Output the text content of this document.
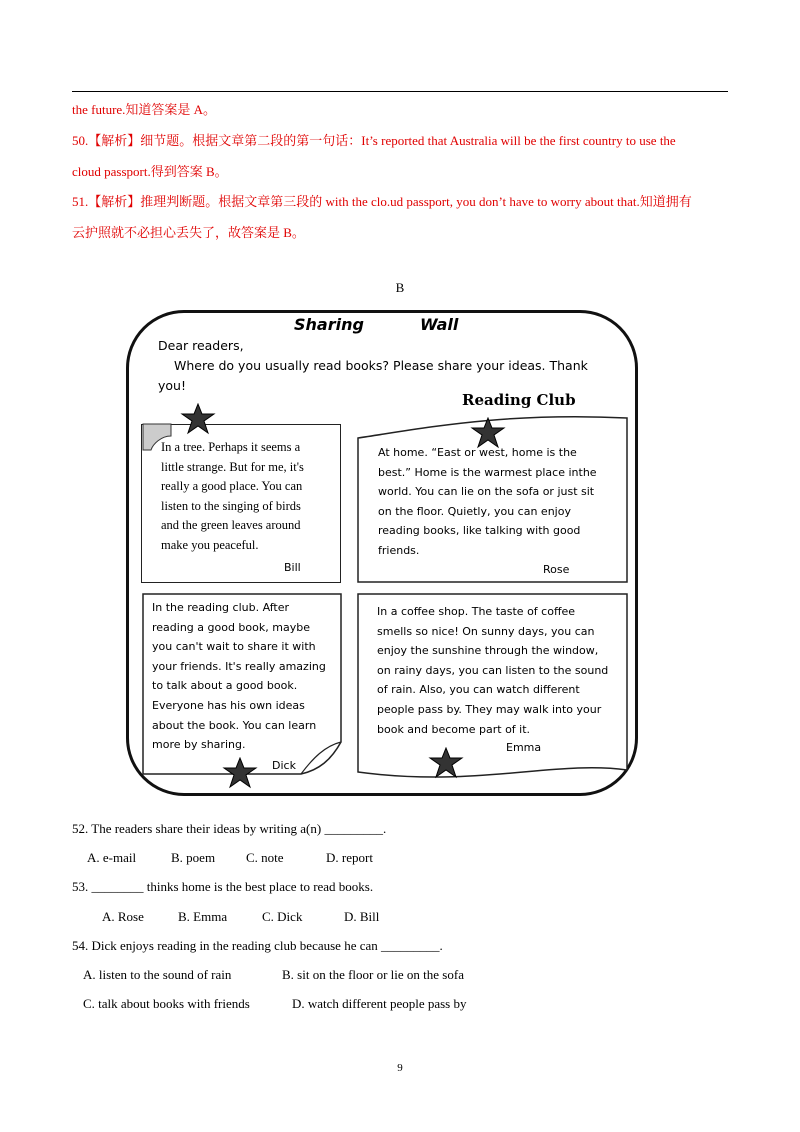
the future.知道答案是 A。
50.【解析】细节题。根据文章第二段的第一句话：It’s reported that Australia will be the first country to use the
cloud passport.得到答案 B。
51.【解析】推理判断题。根据文章第三段的 with the clo.ud passport, you don’t have to worry about that.知道拥有
云护照就不必担心丢失了，故答案是 B。
B
Sharing	Wall
Dear readers,
Where do you usually read books? Please share your ideas. Thank
you!
Reading Club
In a tree. Perhaps it seems a
little strange. But for me, it's
really a good place. You can
listen to the singing of birds
and the green leaves around
make you peaceful.
Bill
At home. “East or west, home is the
best.” Home is the warmest place inthe
world. You can lie on the sofa or just sit
on the floor. Quietly, you can enjoy
reading books, like talking with good
friends.
Rose
In the reading club. After
reading a good book, maybe
you can't wait to share it with
your friends. It's really amazing
to talk about a good book.
Everyone has his own ideas
about the book. You can learn
more by sharing.
Dick
In a coffee shop. The taste of coffee
smells so nice! On sunny days, you can
enjoy the sunshine through the window,
on rainy days, you can listen to the sound
of rain. Also, you can watch different
people pass by. They may walk into your
book and become part of it.
Emma
52. The readers share their ideas by writing a(n) _________.
A. e-mail	B. poem C. note	D. report
53. ________ thinks home is the best place to read books.
A. Rose	B. Emma	C. Dick	D. Bill
54. Dick enjoys reading in the reading club because he can _________.
A. listen to the sound of rain	B. sit on the floor or lie on the sofa
C. talk about books with friends	D. watch different people pass by
9
